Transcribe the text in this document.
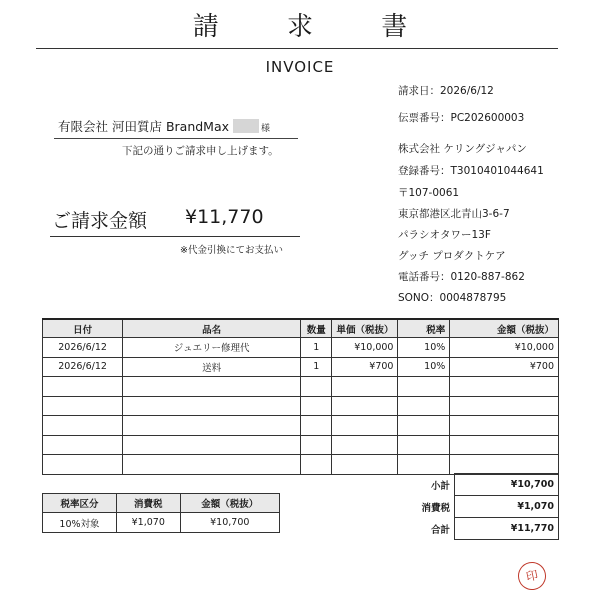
請 求 書
INVOICE
請求日：2026/6/12
伝票番号：PC202600003
株式会社 ケリングジャパン
登録番号：T3010401044641
〒107-0061
東京都港区北青山3-6-7
パラシオタワー13F
グッチ プロダクトケア
電話番号：0120-887-862
SONO：0004878795
有限会社 河田質店 BrandMax	様
下記の通りご請求申し上げます。
ご請求金額 ¥11,770
※代金引換にてお支払い
日付	品名	数量	単価（税抜）	税率	金額（税抜）
2026/6/12	ジュエリー修理代	1	¥10,000	10%	¥10,000
2026/6/12	送料	1	¥700	10%	¥700

税率区分	消費税	金額（税抜）
10%対象	¥1,070	¥10,700
小計	¥10,700
消費税	¥1,070
合計	¥11,770
印
